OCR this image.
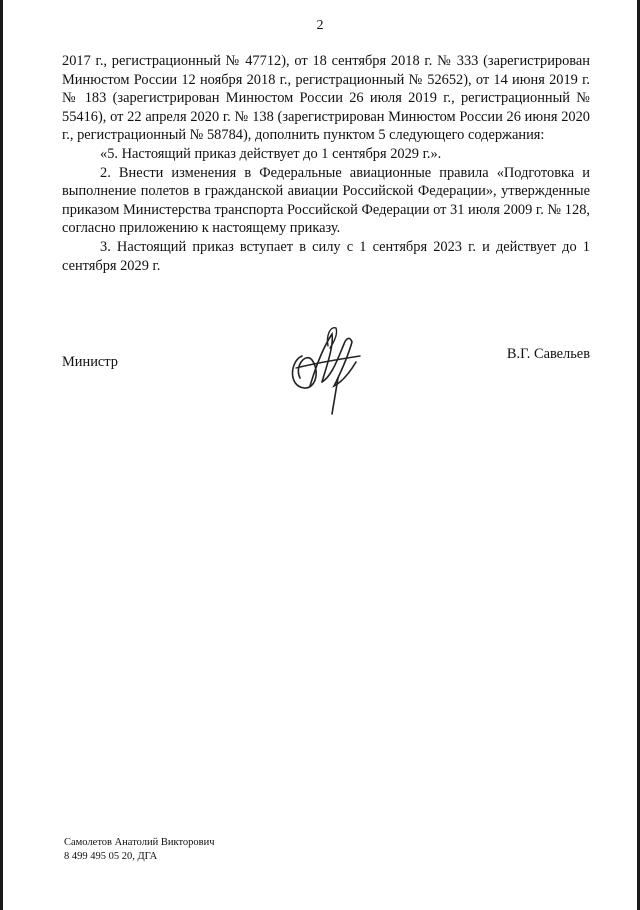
2

2017 г., регистрационный № 47712), от 18 сентября 2018 г. № 333 (зарегистрирован Минюстом России 12 ноября 2018 г., регистрационный № 52652), от 14 июня 2019 г. № 183 (зарегистрирован Минюстом России 26 июля 2019 г., регистрационный № 55416), от 22 апреля 2020 г. № 138 (зарегистрирован Минюстом России 26 июня 2020 г., регистрационный № 58784), дополнить пунктом 5 следующего содержания:

«5. Настоящий приказ действует до 1 сентября 2029 г.».

2. Внести изменения в Федеральные авиационные правила «Подготовка и выполнение полетов в гражданской авиации Российской Федерации», утвержденные приказом Министерства транспорта Российской Федерации от 31 июля 2009 г. № 128, согласно приложению к настоящему приказу.

3. Настоящий приказ вступает в силу с 1 сентября 2023 г. и действует до 1 сентября 2029 г.

Министр	В.Г. Савельев
Самолетов Анатолий Викторович
8 499 495 05 20, ДГА
